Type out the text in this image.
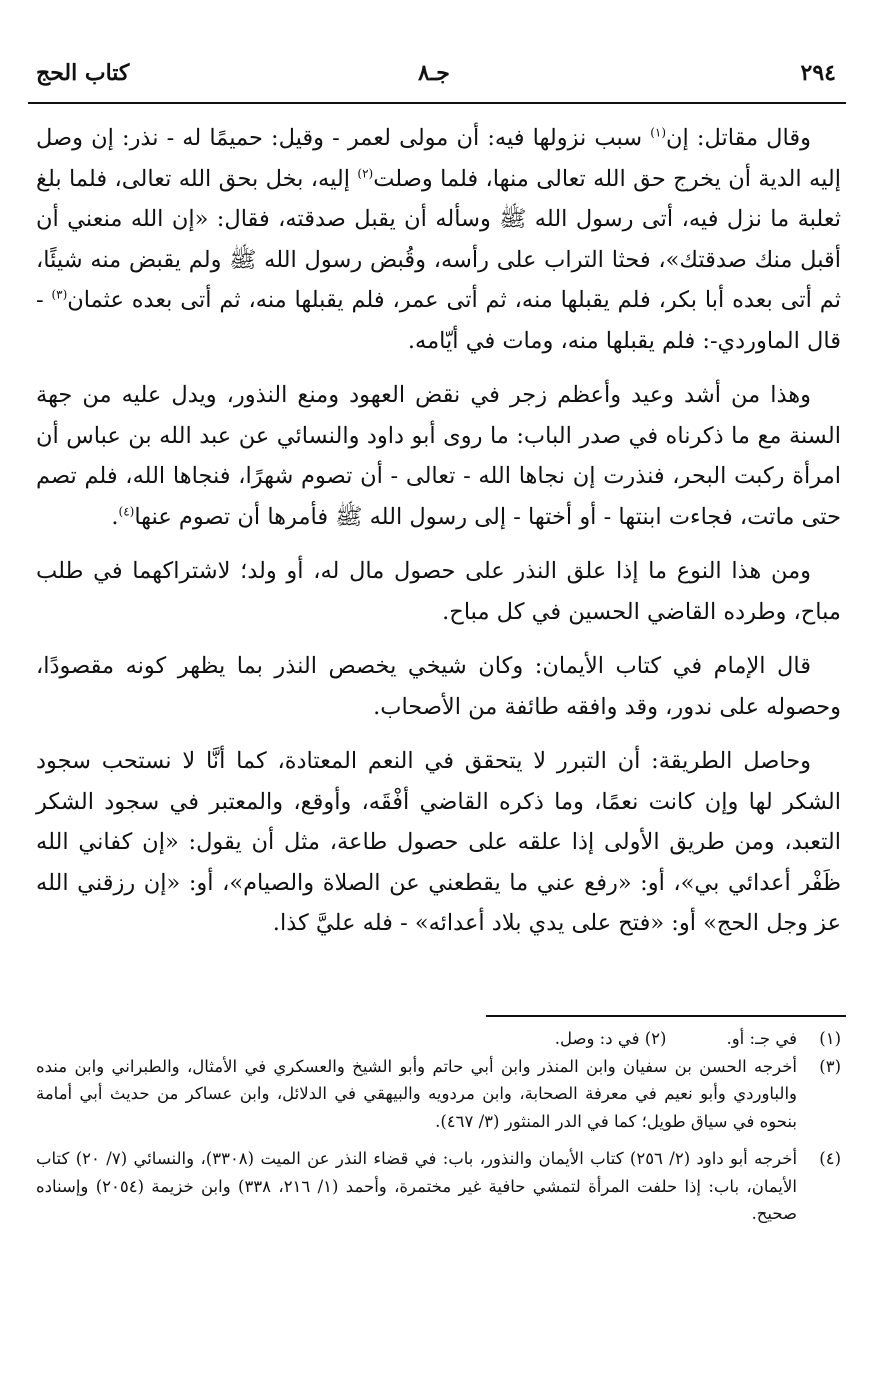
٢٩٤
جـ٨
كتاب الحج

وقال مقاتل: إن$^{(١)}$ سبب نزولها فيه: أن مولى لعمر - وقيل: حميمًا له - نذر: إن وصل إليه الدية أن يخرج حق الله تعالى منها، فلما وصلت$^{(٢)}$ إليه، بخل بحق الله تعالى، فلما بلغ ثعلبة ما نزل فيه، أتى رسول الله ﷺ وسأله أن يقبل صدقته، فقال: «إن الله منعني أن أقبل منك صدقتك»، فحثا التراب على رأسه، وقُبض رسول الله ﷺ ولم يقبض منه شيئًا، ثم أتى بعده أبا بكر، فلم يقبلها منه، ثم أتى عمر، فلم يقبلها منه، ثم أتى بعده عثمان$^{(٣)}$ - قال الماوردي-: فلم يقبلها منه، ومات في أيّامه.

وهذا من أشد وعيد وأعظم زجر في نقض العهود ومنع النذور، ويدل عليه من جهة السنة مع ما ذكرناه في صدر الباب: ما روى أبو داود والنسائي عن عبد الله بن عباس أن امرأة ركبت البحر، فنذرت إن نجاها الله - تعالى - أن تصوم شهرًا، فنجاها الله، فلم تصم حتى ماتت، فجاءت ابنتها - أو أختها - إلى رسول الله ﷺ فأمرها أن تصوم عنها$^{(٤)}$.

ومن هذا النوع ما إذا علق النذر على حصول مال له، أو ولد؛ لاشتراكهما في طلب مباح، وطرده القاضي الحسين في كل مباح.

قال الإمام في كتاب الأيمان: وكان شيخي يخصص النذر بما يظهر كونه مقصودًا، وحصوله على ندور، وقد وافقه طائفة من الأصحاب.

وحاصل الطريقة: أن التبرر لا يتحقق في النعم المعتادة، كما أنَّا لا نستحب سجود الشكر لها وإن كانت نعمًا، وما ذكره القاضي أفْقَه، وأوقع، والمعتبر في سجود الشكر التعبد، ومن طريق الأولى إذا علقه على حصول طاعة، مثل أن يقول: «إن كفاني الله ظَفْر أعدائي بي»، أو: «رفع عني ما يقطعني عن الصلاة والصيام»، أو: «إن رزقني الله عز وجل الحج» أو: «فتح على يدي بلاد أعدائه» - فله عليَّ كذا.

(١)
في جـ: أو.(٢) في د: وصل.
(٣)
أخرجه الحسن بن سفيان وابن المنذر وابن أبي حاتم وأبو الشيخ والعسكري في الأمثال، والطبراني وابن منده والباوردي وأبو نعيم في معرفة الصحابة، وابن مردويه والبيهقي في الدلائل، وابن عساكر من حديث أبي أمامة بنحوه في سياق طويل؛ كما في الدر المنثور (٣/ ٤٦٧).
(٤)
أخرجه أبو داود (٢/ ٢٥٦) كتاب الأيمان والنذور، باب: في قضاء النذر عن الميت (٣٣٠٨)، والنسائي (٧/ ٢٠) كتاب الأيمان، باب: إذا حلفت المرأة لتمشي حافية غير مختمرة، وأحمد (١/ ٢١٦، ٣٣٨) وابن خزيمة (٢٠٥٤) وإسناده صحيح.
